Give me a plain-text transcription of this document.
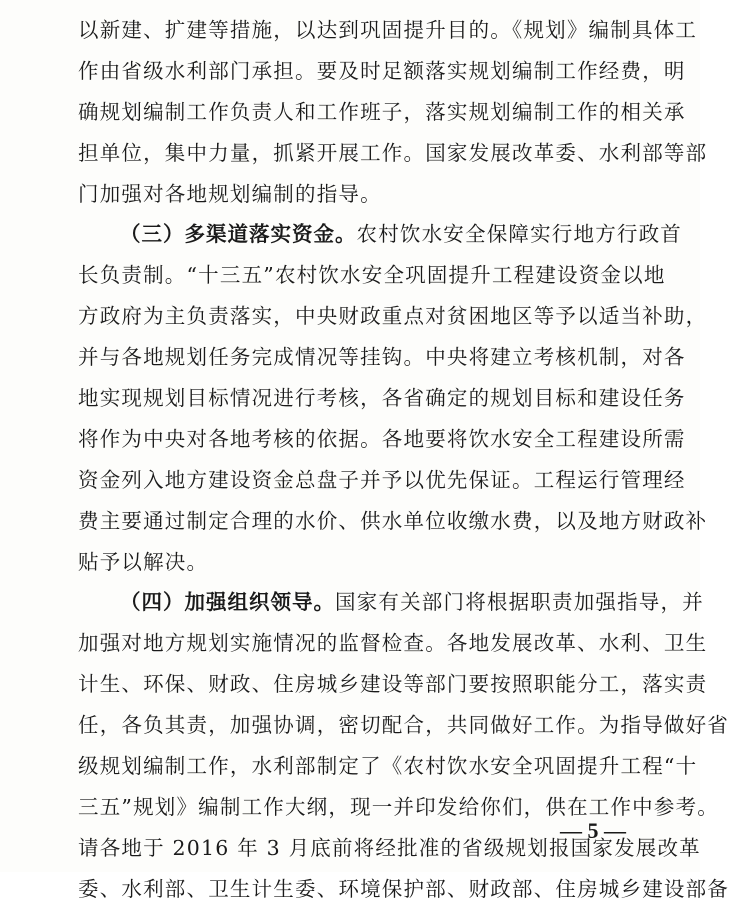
以新建、扩建等措施，以达到巩固提升目的。《规划》编制具体工
作由省级水利部门承担。要及时足额落实规划编制工作经费，明
确规划编制工作负责人和工作班子，落实规划编制工作的相关承
担单位，集中力量，抓紧开展工作。国家发展改革委、水利部等部
门加强对各地规划编制的指导。
（三）多渠道落实资金。农村饮水安全保障实行地方行政首
长负责制。“十三五”农村饮水安全巩固提升工程建设资金以地
方政府为主负责落实，中央财政重点对贫困地区等予以适当补助，
并与各地规划任务完成情况等挂钩。中央将建立考核机制，对各
地实现规划目标情况进行考核，各省确定的规划目标和建设任务
将作为中央对各地考核的依据。各地要将饮水安全工程建设所需
资金列入地方建设资金总盘子并予以优先保证。工程运行管理经
费主要通过制定合理的水价、供水单位收缴水费，以及地方财政补
贴予以解决。
（四）加强组织领导。国家有关部门将根据职责加强指导，并
加强对地方规划实施情况的监督检查。各地发展改革、水利、卫生
计生、环保、财政、住房城乡建设等部门要按照职能分工，落实责
任，各负其责，加强协调，密切配合，共同做好工作。为指导做好省
级规划编制工作，水利部制定了《农村饮水安全巩固提升工程“十
三五”规划》编制工作大纲，现一并印发给你们，供在工作中参考。
请各地于 2016 年 3 月底前将经批准的省级规划报国家发展改革
委、水利部、卫生计生委、环境保护部、财政部、住房城乡建设部备
— 5 —
